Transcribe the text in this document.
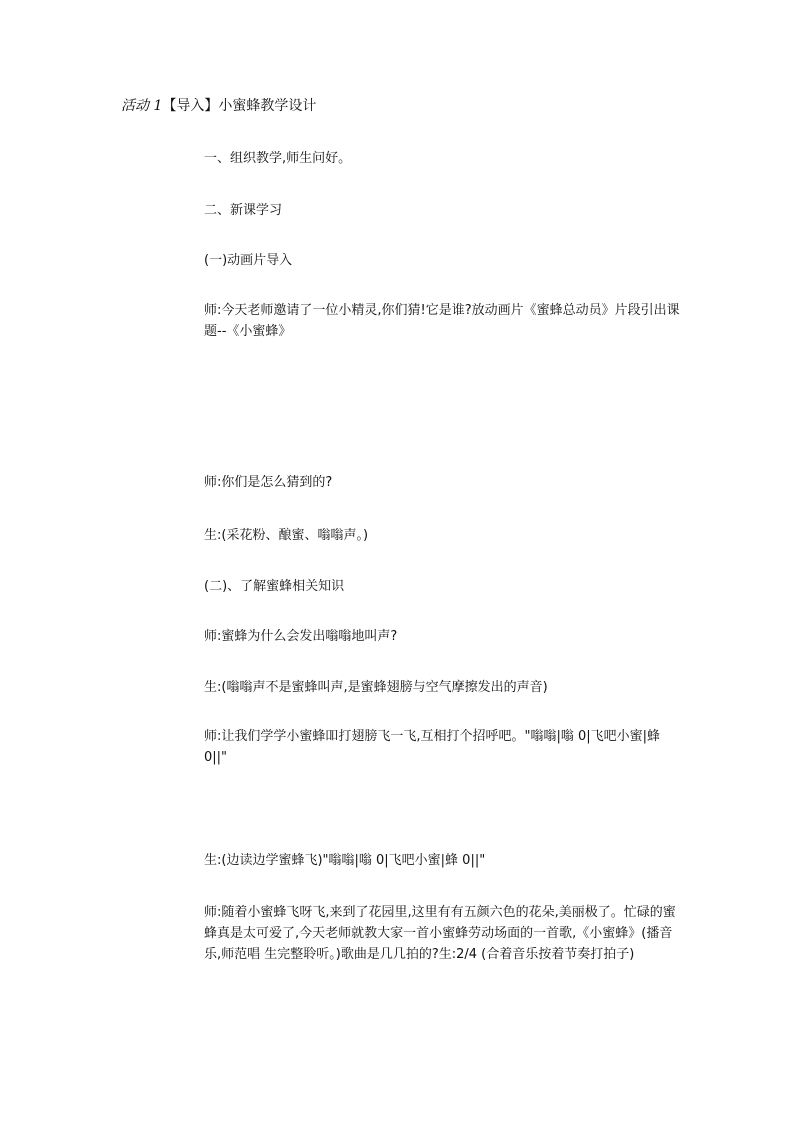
活动 1【导入】小蜜蜂教学设计
一、组织教学,师生问好。
二、新课学习
(一)动画片导入
师:今天老师邀请了一位小精灵,你们猜!它是谁?放动画片《蜜蜂总动员》片段引出课题--《小蜜蜂》
师:你们是怎么猜到的?
生:(采花粉、酿蜜、嗡嗡声。)
(二)、了解蜜蜂相关知识
师:蜜蜂为什么会发出嗡嗡地叫声?
生:(嗡嗡声不是蜜蜂叫声,是蜜蜂翅膀与空气摩擦发出的声音)
师:让我们学学小蜜蜂吅打翅膀飞一飞,互相打个招呼吧。"嗡嗡|嗡 0|飞吧小蜜|蜂 0||"
生:(边读边学蜜蜂飞)"嗡嗡|嗡 0|飞吧小蜜|蜂 0||"
师:随着小蜜蜂飞呀飞,来到了花园里,这里有有五颜六色的花朵,美丽极了。忙碌的蜜蜂真是太可爱了,今天老师就教大家一首小蜜蜂劳动场面的一首歌,《小蜜蜂》(播音乐,师范唱 生完整聆听。)歌曲是几几拍的?生:2/4 (合着音乐按着节奏打拍子)
